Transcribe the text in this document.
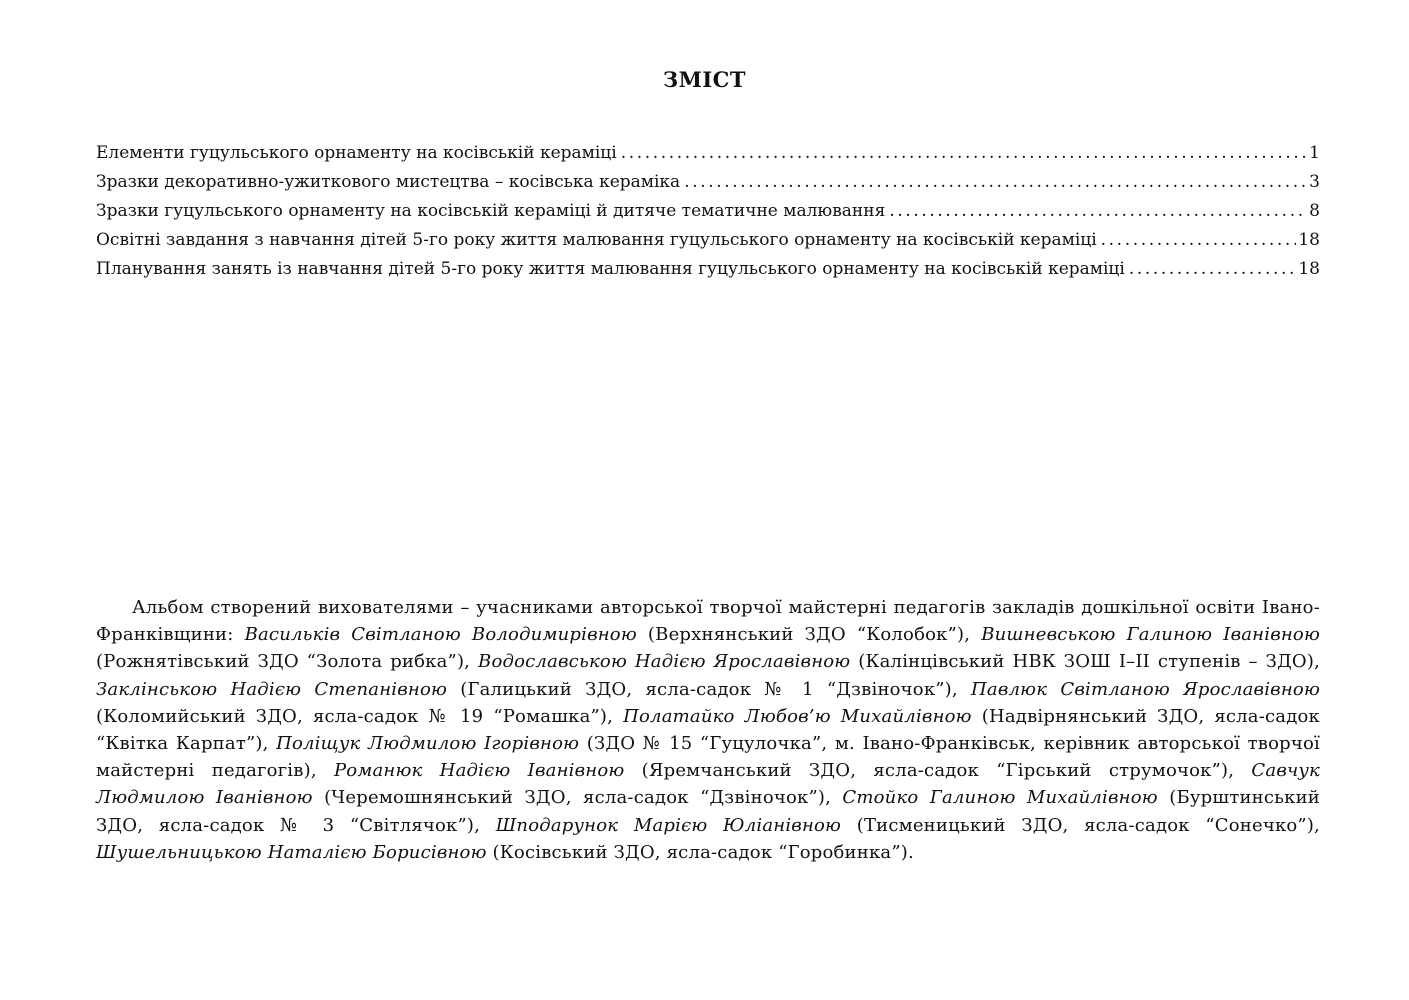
ЗМІСТ
Елементи гуцульського орнаменту на косівській кераміці . . .	1
Зразки декоративно-ужиткового мистецтва – косівська кераміка . . .	3
Зразки гуцульського орнаменту на косівській кераміці й дитяче тематичне малювання . . .	8
Освітні завдання з навчання дітей 5-го року життя малювання гуцульського орнаменту на косівській кераміці . . .	18
Планування занять із навчання дітей 5-го року життя малювання гуцульського орнаменту на косівській кераміці . . .	18

Альбом створений вихователями – учасниками авторської творчої майстерні педагогів закладів дошкільної освіти Івано-Франківщини: Васильків Світланою Володимирівною (Верхнянський ЗДО “Колобок”), Вишневською Галиною Іванівною (Рожнятівський ЗДО “Золота рибка”), Водославською Надією Ярославівною (Калінцівський НВК ЗОШ І–ІІ ступенів – ЗДО), Заклінською Надією Степанівною (Галицький ЗДО, ясла-садок № 1 “Дзвіночок”), Павлюк Світланою Ярославівною (Коломийський ЗДО, ясла-садок № 19 “Ромашка”), Полатайко Любов’ю Михайлівною (Надвірнянський ЗДО, ясла-садок “Квітка Карпат”), Поліщук Людмилою Ігорівною (ЗДО № 15 “Гуцулочка”, м. Івано-Франківськ, керівник авторської творчої майстерні педагогів), Романюк Надією Іванівною (Яремчанський ЗДО, ясла-садок “Гірський струмочок”), Савчук Людмилою Іванівною (Черемошнянський ЗДО, ясла-садок “Дзвіночок”), Стойко Галиною Михайлівною (Бурштинський ЗДО, ясла-садок № 3 “Світлячок”), Шподарунок Марією Юліанівною (Тисменицький ЗДО, ясла-садок “Сонечко”), Шушельницькою Наталією Борисівною (Косівський ЗДО, ясла-садок “Горобинка”).
